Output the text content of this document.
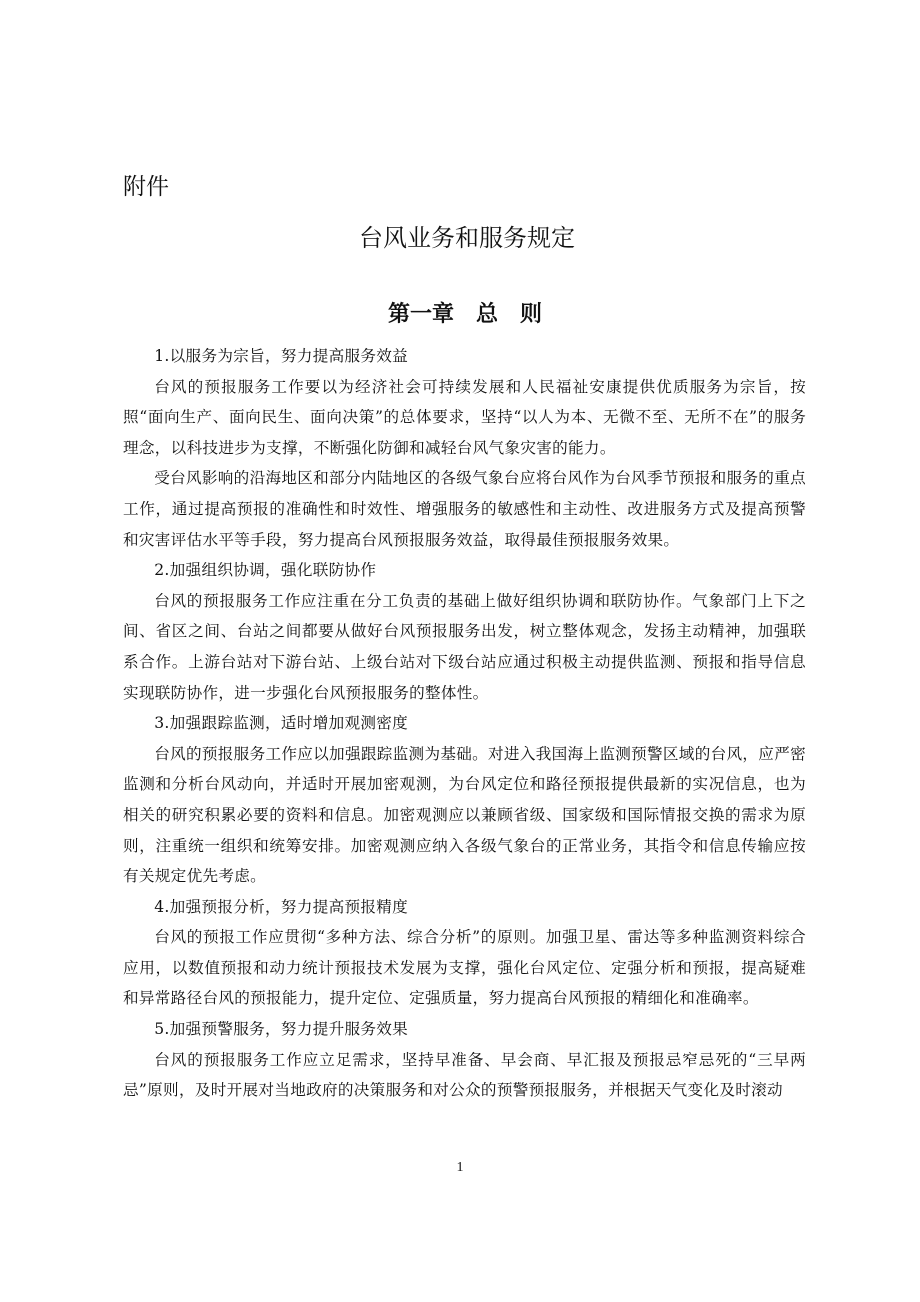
附件

台风业务和服务规定
第一章　总　则

1.以服务为宗旨，努力提高服务效益

台风的预报服务工作要以为经济社会可持续发展和人民福祉安康提供优质服务为宗旨，按照“面向生产、面向民生、面向决策”的总体要求，坚持“以人为本、无微不至、无所不在”的服务理念，以科技进步为支撑，不断强化防御和减轻台风气象灾害的能力。

受台风影响的沿海地区和部分内陆地区的各级气象台应将台风作为台风季节预报和服务的重点工作，通过提高预报的准确性和时效性、增强服务的敏感性和主动性、改进服务方式及提高预警和灾害评估水平等手段，努力提高台风预报服务效益，取得最佳预报服务效果。

2.加强组织协调，强化联防协作

台风的预报服务工作应注重在分工负责的基础上做好组织协调和联防协作。气象部门上下之间、省区之间、台站之间都要从做好台风预报服务出发，树立整体观念，发扬主动精神，加强联系合作。上游台站对下游台站、上级台站对下级台站应通过积极主动提供监测、预报和指导信息实现联防协作，进一步强化台风预报服务的整体性。

3.加强跟踪监测，适时增加观测密度

台风的预报服务工作应以加强跟踪监测为基础。对进入我国海上监测预警区域的台风，应严密监测和分析台风动向，并适时开展加密观测，为台风定位和路径预报提供最新的实况信息，也为相关的研究积累必要的资料和信息。加密观测应以兼顾省级、国家级和国际情报交换的需求为原则，注重统一组织和统筹安排。加密观测应纳入各级气象台的正常业务，其指令和信息传输应按有关规定优先考虑。

4.加强预报分析，努力提高预报精度

台风的预报工作应贯彻“多种方法、综合分析”的原则。加强卫星、雷达等多种监测资料综合应用，以数值预报和动力统计预报技术发展为支撑，强化台风定位、定强分析和预报，提高疑难和异常路径台风的预报能力，提升定位、定强质量，努力提高台风预报的精细化和准确率。

5.加强预警服务，努力提升服务效果

台风的预报服务工作应立足需求，坚持早准备、早会商、早汇报及预报忌窄忌死的“三早两忌”原则，及时开展对当地政府的决策服务和对公众的预警预报服务，并根据天气变化及时滚动

1
